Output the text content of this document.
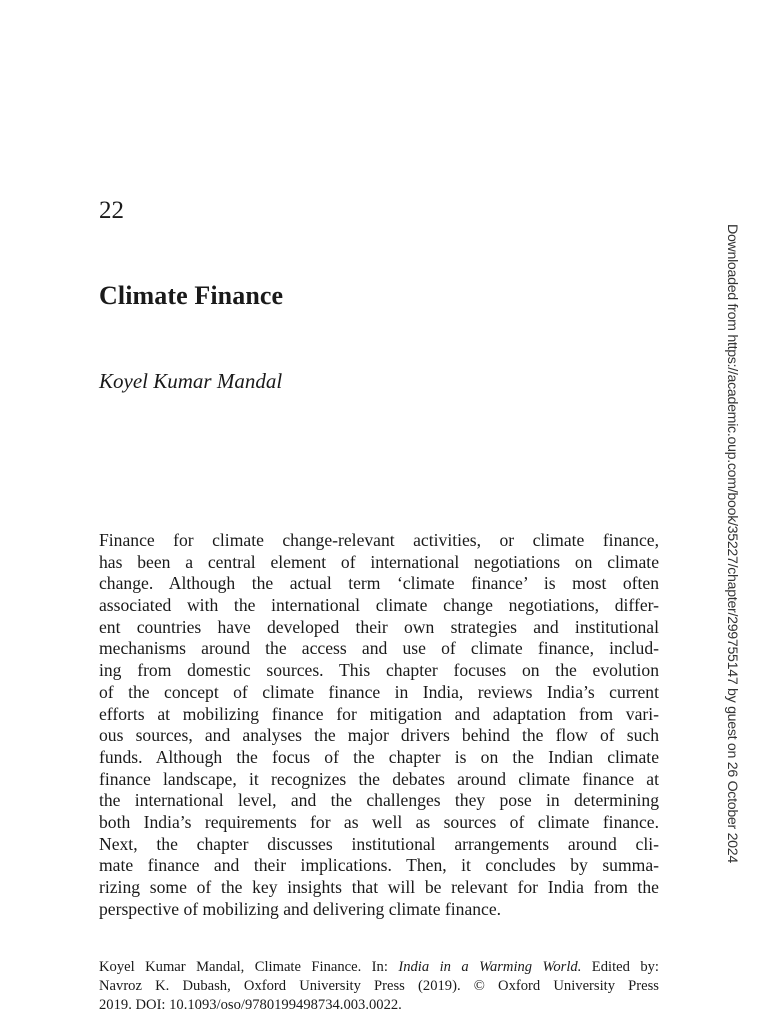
22
Climate Finance

Koyel Kumar Mandal

Finance for climate change-relevant activities, or climate finance,
has been a central element of international negotiations on climate
change. Although the actual term ‘climate finance’ is most often
associated with the international climate change negotiations, differ-
ent countries have developed their own strategies and institutional
mechanisms around the access and use of climate finance, includ-
ing from domestic sources. This chapter focuses on the evolution
of the concept of climate finance in India, reviews India’s current
efforts at mobilizing finance for mitigation and adaptation from vari-
ous sources, and analyses the major drivers behind the flow of such
funds. Although the focus of the chapter is on the Indian climate
finance landscape, it recognizes the debates around climate finance at
the international level, and the challenges they pose in determining
both India’s requirements for as well as sources of climate finance.
Next, the chapter discusses institutional arrangements around cli-
mate finance and their implications. Then, it concludes by summa-
rizing some of the key insights that will be relevant for India from the
perspective of mobilizing and delivering climate finance.
Koyel Kumar Mandal, Climate Finance. In: India in a Warming World. Edited by:
Navroz K. Dubash, Oxford University Press (2019). © Oxford University Press
2019. DOI: 10.1093/oso/9780199498734.003.0022.
Downloaded from https://academic.oup.com/book/35227/chapter/299755147 by guest on 26 October 2024
